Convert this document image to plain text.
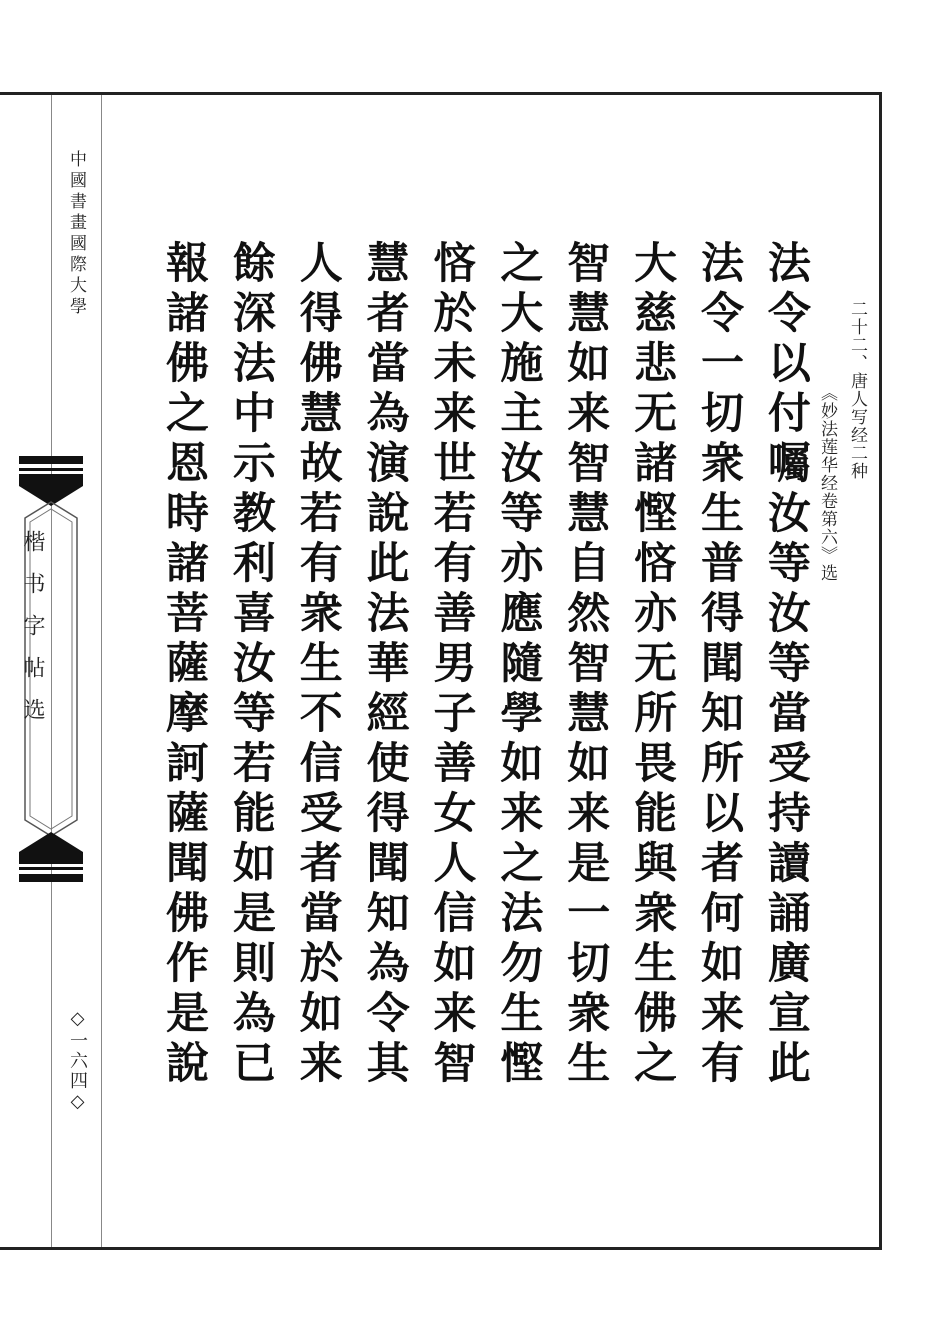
中國書畫國際大學
楷书字帖选
◇一六四◇
二十二、唐人写经二种
《妙法莲华经卷第六》选
法令以付囑汝等汝等當受持讀誦廣宣此
法令一切衆生普得聞知所以者何如来有
大慈悲无諸慳悋亦无所畏能與衆生佛之
智慧如来智慧自然智慧如来是一切衆生
之大施主汝等亦應隨學如来之法勿生慳
悋於未来世若有善男子善女人信如来智
慧者當為演說此法華經使得聞知為令其
人得佛慧故若有衆生不信受者當於如来
餘深法中示教利喜汝等若能如是則為已
報諸佛之恩時諸菩薩摩訶薩聞佛作是說
